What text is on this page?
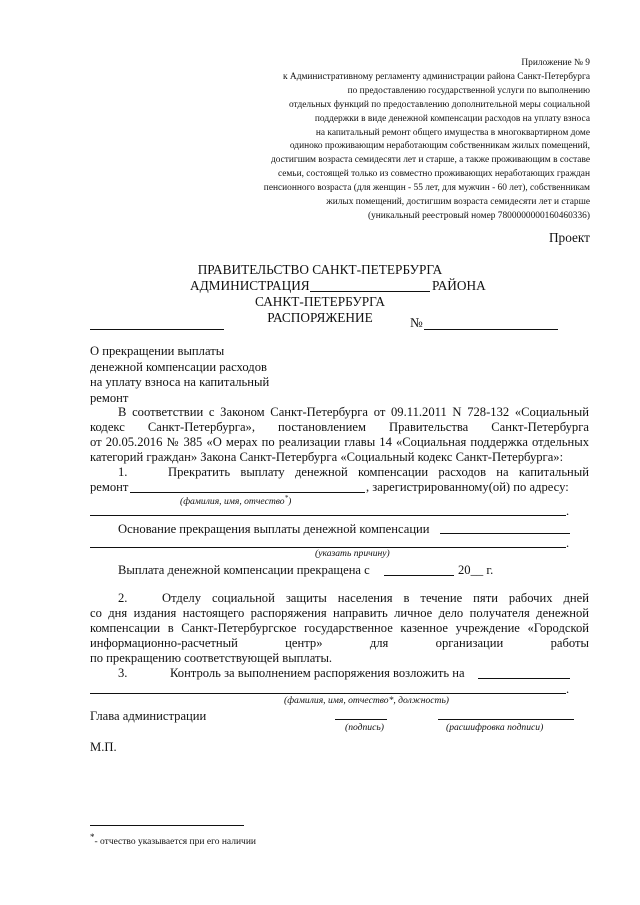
Приложение № 9
к Административному регламенту администрации района Санкт-Петербурга
по предоставлению государственной услуги по выполнению
отдельных функций по предоставлению дополнительной меры социальной
поддержки в виде денежной компенсации расходов на уплату взноса
на капитальный ремонт общего имущества в многоквартирном доме
одиноко проживающим неработающим собственникам жилых помещений,
достигшим возраста семидесяти лет и старше, а также проживающим в составе
семьи, состоящей только из совместно проживающих неработающих граждан
пенсионного возраста (для женщин - 55 лет, для мужчин - 60 лет), собственникам
жилых помещений, достигшим возраста семидесяти лет и старше
(уникальный реестровый номер 7800000000160460336)
Проект
ПРАВИТЕЛЬСТВО САНКТ-ПЕТЕРБУРГА
АДМИНИСТРАЦИЯ	РАЙОНА
САНКТ-ПЕТЕРБУРГА
РАСПОРЯЖЕНИЕ	№
О прекращении выплаты
денежной компенсации расходов
на уплату взноса на капитальный
ремонт
В соответствии с Законом Санкт-Петербурга от 09.11.2011 N 728-132 «Социальный
кодекс Санкт-Петербурга», постановлением Правительства Санкт-Петербурга
от 20.05.2016 № 385 «О мерах по реализации главы 14 «Социальная поддержка отдельных
категорий граждан» Закона Санкт-Петербурга «Социальный кодекс Санкт-Петербурга»:
1.	Прекратить выплату денежной компенсации расходов на капитальный
ремонт	, зарегистрированному(ой) по адресу:
(фамилия, имя, отчество*)
.
Основание прекращения выплаты денежной компенсации
.
(указать причину)
Выплата денежной компенсации прекращена с	20__ г.
2.	Отделу социальной защиты населения в течение пяти рабочих дней
со дня издания настоящего распоряжения направить личное дело получателя денежной
компенсации в Санкт-Петербургское государственное казенное учреждение «Городской
информационно-расчетный центр» для организации работы
по прекращению соответствующей выплаты.
3.	Контроль за выполнением распоряжения возложить на
.
(фамилия, имя, отчество*, должность)
Глава администрации
(подпись)	(расшифровка подписи)
М.П.
*- отчество указывается при его наличии
